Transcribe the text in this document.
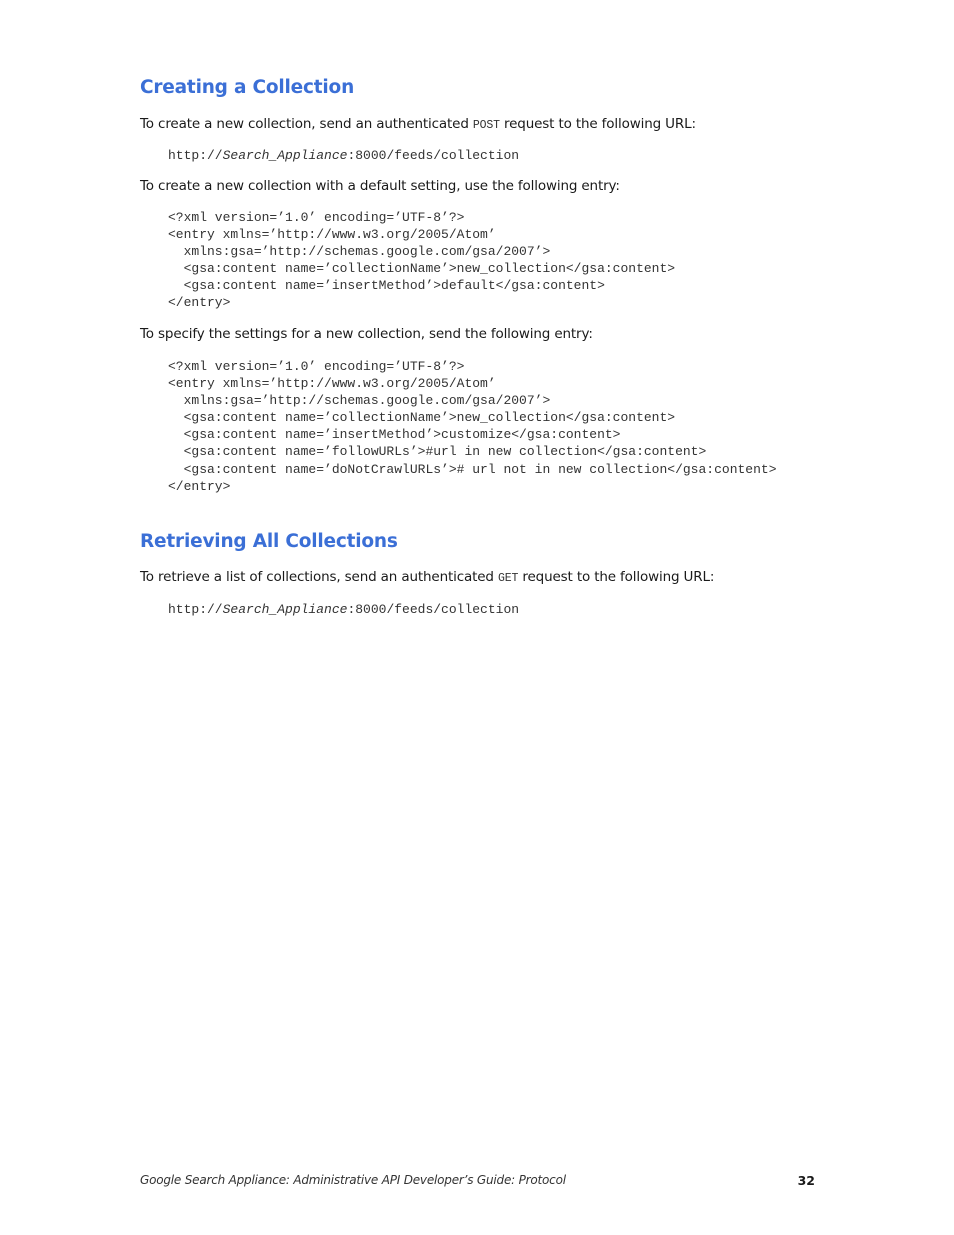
Creating a Collection

To create a new collection, send an authenticated POST request to the following URL:

http://Search_Appliance:8000/feeds/collection

To create a new collection with a default setting, use the following entry:

<?xml version=’1.0’ encoding=’UTF-8’?>
<entry xmlns=’http://www.w3.org/2005/Atom’
xmlns:gsa=’http://schemas.google.com/gsa/2007’>
<gsa:content name=’collectionName’>new_collection</gsa:content>
<gsa:content name=’insertMethod’>default</gsa:content>
</entry>

To specify the settings for a new collection, send the following entry:

<?xml version=’1.0’ encoding=’UTF-8’?>
<entry xmlns=’http://www.w3.org/2005/Atom’
xmlns:gsa=’http://schemas.google.com/gsa/2007’>
<gsa:content name=’collectionName’>new_collection</gsa:content>
<gsa:content name=’insertMethod’>customize</gsa:content>
<gsa:content name=’followURLs’>#url in new collection</gsa:content>
<gsa:content name=’doNotCrawlURLs’># url not in new collection</gsa:content>
</entry>
Retrieving All Collections

To retrieve a list of collections, send an authenticated GET request to the following URL:

http://Search_Appliance:8000/feeds/collection
Google Search Appliance: Administrative API Developer’s Guide: Protocol	32
